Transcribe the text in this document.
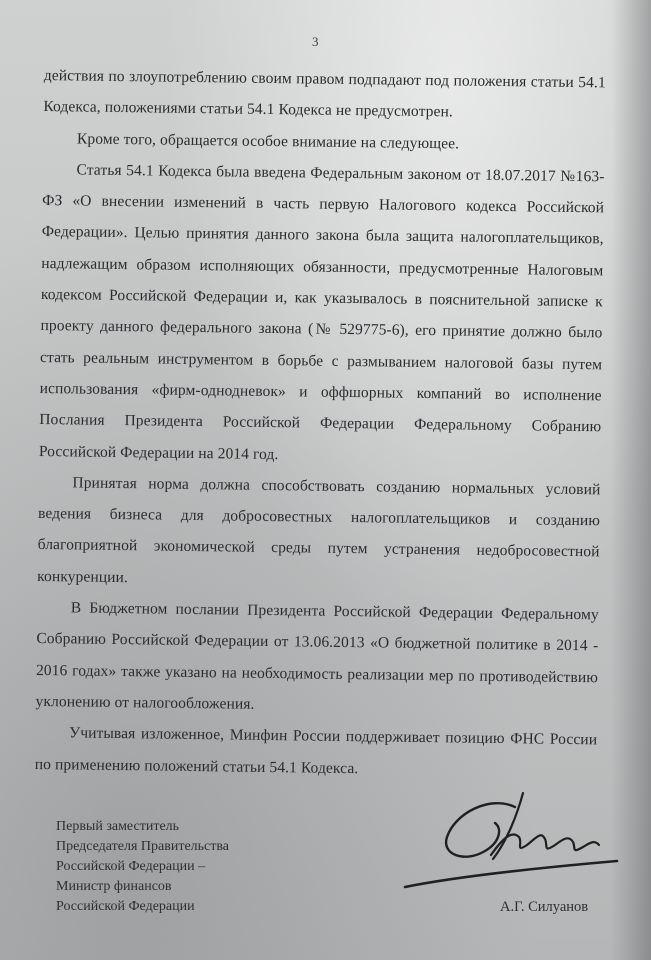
3

действия по злоупотреблению своим правом подпадают под положения статьи 54.1 Кодекса, положениями статьи 54.1 Кодекса не предусмотрен.

Кроме того, обращается особое внимание на следующее.

Статья 54.1 Кодекса была введена Федеральным законом от 18.07.2017 №163-ФЗ «О внесении изменений в часть первую Налогового кодекса Российской Федерации». Целью принятия данного закона была защита налогоплательщиков, надлежащим образом исполняющих обязанности, предусмотренные Налоговым кодексом Российской Федерации и, как указывалось в пояснительной записке к проекту данного федерального закона (№ 529775-6), его принятие должно было стать реальным инструментом в борьбе с размыванием налоговой базы путем использования «фирм-однодневок» и оффшорных компаний во исполнение Послания Президента Российской Федерации Федеральному Собранию Российской Федерации на 2014 год.

Принятая норма должна способствовать созданию нормальных условий ведения бизнеса для добросовестных налогоплательщиков и созданию благоприятной экономической среды путем устранения недобросовестной конкуренции.

В Бюджетном послании Президента Российской Федерации Федеральному Собранию Российской Федерации от 13.06.2013 «О бюджетной политике в 2014 - 2016 годах» также указано на необходимость реализации мер по противодействию уклонению от налогообложения.

Учитывая изложенное, Минфин России поддерживает позицию ФНС России по применению положений статьи 54.1 Кодекса.

Первый заместитель
Председателя Правительства
Российской Федерации –
Министр финансов
Российской Федерации	А.Г. Силуанов
